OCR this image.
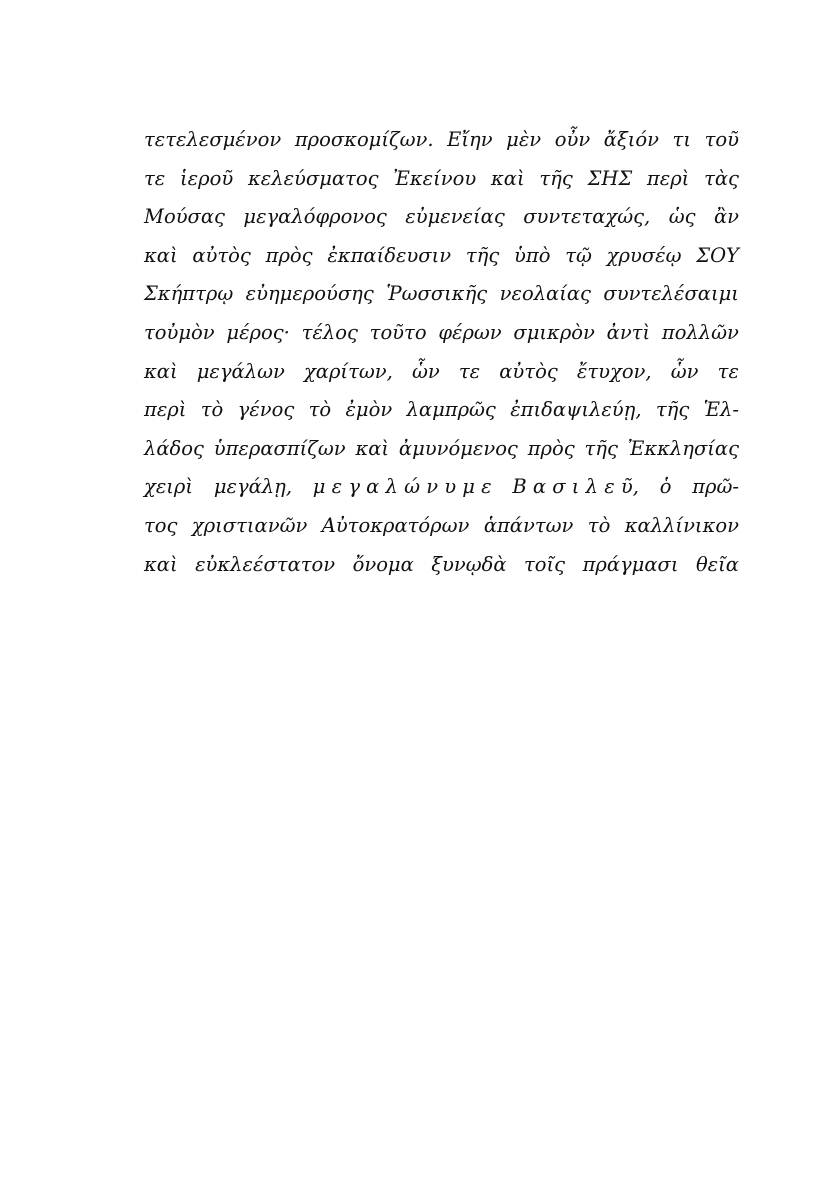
τετελεσμένον προσκομίζων. Εἴην μὲν οὖν ἄξιόν τι τοῦ
τε ἱεροῦ κελεύσματος Ἐκείνου καὶ τῆς ΣΗΣ περὶ τὰς
Μούσας μεγαλόφρονος εὐμενείας συντεταχώς, ὡς ἂν
καὶ αὐτὸς πρὸς ἐκπαίδευσιν τῆς ὑπὸ τῷ χρυσέῳ ΣΟΥ
Σκήπτρῳ εὐημερούσης Ῥωσσικῆς νεολαίας συντελέσαιμι
τοὐμὸν μέρος· τέλος τοῦτο φέρων σμικρὸν ἀντὶ πολλῶν
καὶ μεγάλων χαρίτων, ὧν τε αὐτὸς ἔτυχον, ὧν τε
περὶ τὸ γένος τὸ ἐμὸν λαμπρῶς ἐπιδαψιλεύῃ, τῆς Ἑλ-
λάδος ὑπερασπίζων καὶ ἀμυνόμενος πρὸς τῆς Ἐκκλησίας
χειρὶ μεγάλῃ, μ ε γ α λ ώ ν υ μ ε Β α σ ι λ ε ῦ, ὁ πρῶ-
τος χριστιανῶν Αὐτοκρατόρων ἁπάντων τὸ καλλίνικον
καὶ εὐκλεέστατον ὄνομα ξυνῳδὰ τοῖς πράγμασι θεῖα
